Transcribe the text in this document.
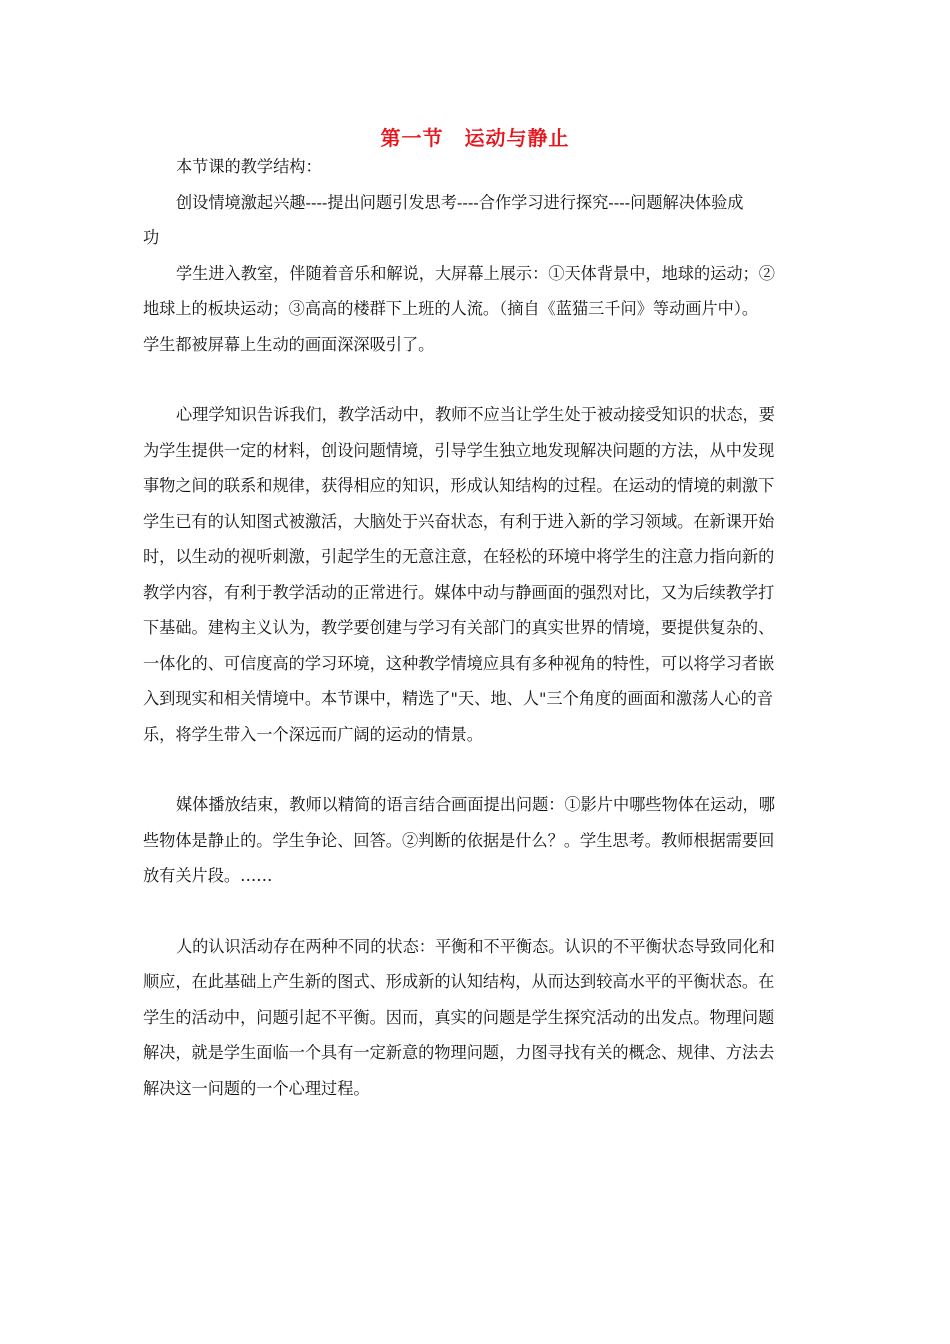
第一节　运动与静止
本节课的教学结构：
创设情境激起兴趣----提出问题引发思考----合作学习进行探究----问题解决体验成
功
学生进入教室，伴随着音乐和解说，大屏幕上展示：①天体背景中，地球的运动；②
地球上的板块运动；③高高的楼群下上班的人流。（摘自《蓝猫三千问》等动画片中）。
学生都被屏幕上生动的画面深深吸引了。
心理学知识告诉我们，教学活动中，教师不应当让学生处于被动接受知识的状态，要
为学生提供一定的材料，创设问题情境，引导学生独立地发现解决问题的方法，从中发现
事物之间的联系和规律，获得相应的知识，形成认知结构的过程。在运动的情境的刺激下
学生已有的认知图式被激活，大脑处于兴奋状态，有利于进入新的学习领域。在新课开始
时，以生动的视听刺激，引起学生的无意注意，在轻松的环境中将学生的注意力指向新的
教学内容，有利于教学活动的正常进行。媒体中动与静画面的强烈对比，又为后续教学打
下基础。建构主义认为，教学要创建与学习有关部门的真实世界的情境，要提供复杂的、
一体化的、可信度高的学习环境，这种教学情境应具有多种视角的特性，可以将学习者嵌
入到现实和相关情境中。本节课中，精选了"天、地、人"三个角度的画面和激荡人心的音
乐，将学生带入一个深远而广阔的运动的情景。
媒体播放结束，教师以精简的语言结合画面提出问题：①影片中哪些物体在运动，哪
些物体是静止的。学生争论、回答。②判断的依据是什么？。学生思考。教师根据需要回
放有关片段。……
人的认识活动存在两种不同的状态：平衡和不平衡态。认识的不平衡状态导致同化和
顺应，在此基础上产生新的图式、形成新的认知结构，从而达到较高水平的平衡状态。在
学生的活动中，问题引起不平衡。因而，真实的问题是学生探究活动的出发点。物理问题
解决，就是学生面临一个具有一定新意的物理问题，力图寻找有关的概念、规律、方法去
解决这一问题的一个心理过程。
